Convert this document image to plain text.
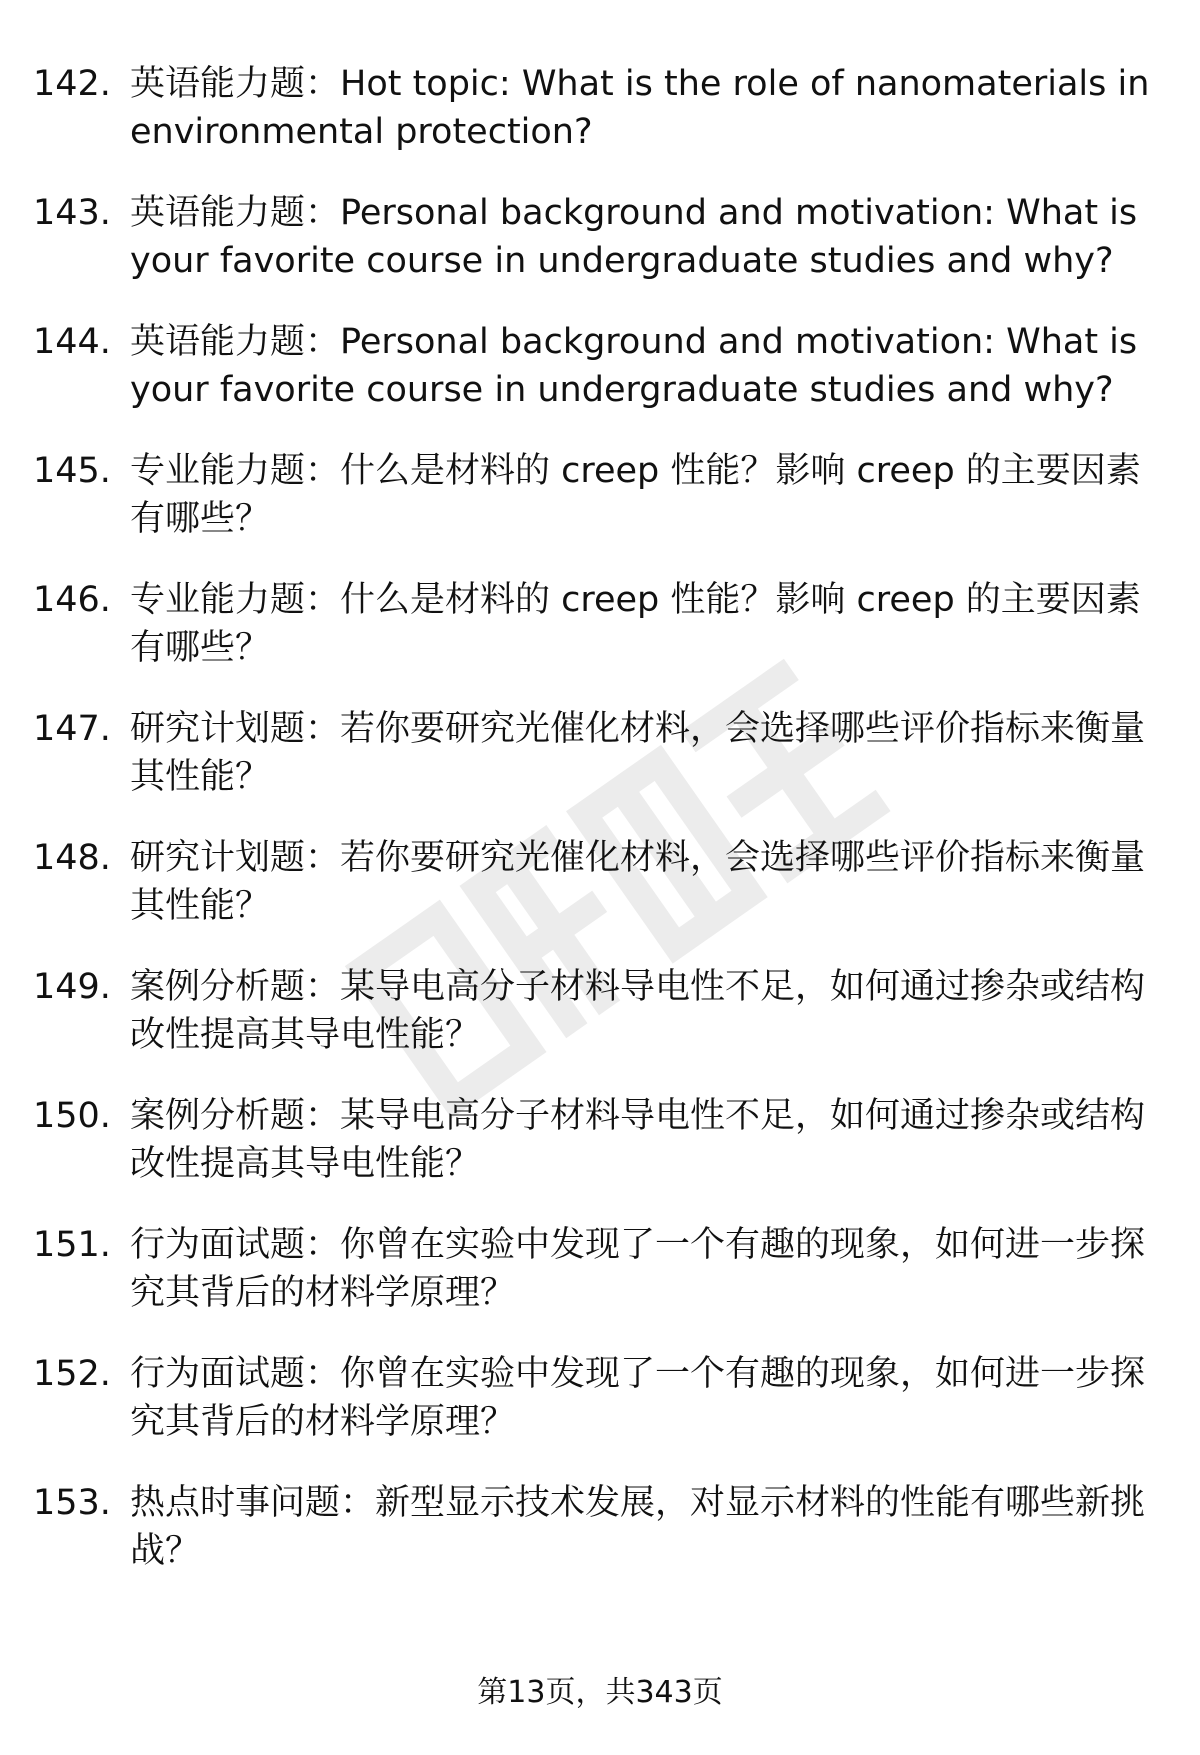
142. 英语能力题：Hot topic: What is the role of nanomaterials in environmental protection?
143. 英语能力题：Personal background and motivation: What is your favorite course in undergraduate studies and why?
144. 英语能力题：Personal background and motivation: What is your favorite course in undergraduate studies and why?
145. 专业能力题：什么是材料的 creep 性能？影响 creep 的主要因素有哪些？
146. 专业能力题：什么是材料的 creep 性能？影响 creep 的主要因素有哪些？
147. 研究计划题：若你要研究光催化材料，会选择哪些评价指标来衡量其性能？
148. 研究计划题：若你要研究光催化材料，会选择哪些评价指标来衡量其性能？
149. 案例分析题：某导电高分子材料导电性不足，如何通过掺杂或结构改性提高其导电性能？
150. 案例分析题：某导电高分子材料导电性不足，如何通过掺杂或结构改性提高其导电性能？
151. 行为面试题：你曾在实验中发现了一个有趣的现象，如何进一步探究其背后的材料学原理？
152. 行为面试题：你曾在实验中发现了一个有趣的现象，如何进一步探究其背后的材料学原理？
153. 热点时事问题：新型显示技术发展，对显示材料的性能有哪些新挑战？
第13页，共343页
